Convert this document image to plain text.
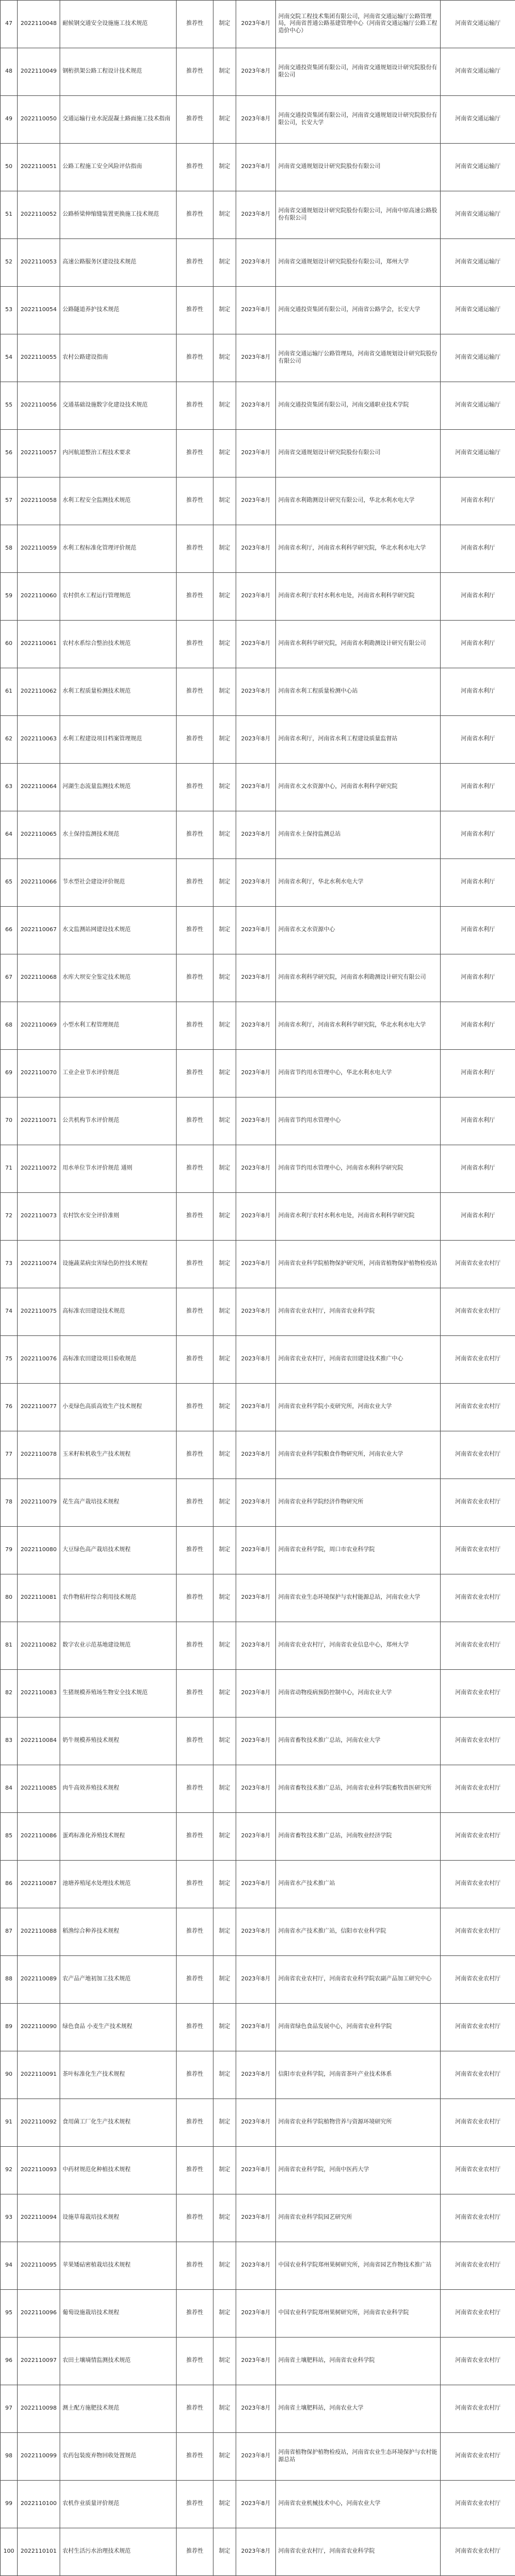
47	2022110048	耐候钢交通安全设施施工技术规范	推荐性	制定	2023年8月	河南交院工程技术集团有限公司，河南省交通运输厅公路管理局，河南省普通公路基建管理中心（河南省交通运输厅公路工程造价中心）	河南省交通运输厅
48	2022110049	钢桁拱架公路工程设计技术规范	推荐性	制定	2023年8月	河南交通投资集团有限公司，河南省交通规划设计研究院股份有限公司	河南省交通运输厅
49	2022110050	交通运输行业水泥混凝土路面施工技术指南	推荐性	制定	2023年8月	河南交通投资集团有限公司，河南省交通规划设计研究院股份有限公司，长安大学	河南省交通运输厅
50	2022110051	公路工程施工安全风险评估指南	推荐性	制定	2023年8月	河南省交通规划设计研究院股份有限公司	河南省交通运输厅
51	2022110052	公路桥梁伸缩缝装置更换施工技术规范	推荐性	制定	2023年8月	河南省交通规划设计研究院股份有限公司，河南中原高速公路股份有限公司	河南省交通运输厅
52	2022110053	高速公路服务区建设技术规范	推荐性	制定	2023年8月	河南省交通规划设计研究院股份有限公司，郑州大学	河南省交通运输厅
53	2022110054	公路隧道养护技术规范	推荐性	制定	2023年8月	河南交通投资集团有限公司，河南省公路学会，长安大学	河南省交通运输厅
54	2022110055	农村公路建设指南	推荐性	制定	2023年8月	河南省交通运输厅公路管理局，河南省交通规划设计研究院股份有限公司	河南省交通运输厅
55	2022110056	交通基础设施数字化建设技术规范	推荐性	制定	2023年8月	河南交通投资集团有限公司，河南交通职业技术学院	河南省交通运输厅
56	2022110057	内河航道整治工程技术要求	推荐性	制定	2023年8月	河南省交通规划设计研究院股份有限公司	河南省交通运输厅
57	2022110058	水利工程安全监测技术规范	推荐性	制定	2023年8月	河南省水利勘测设计研究有限公司，华北水利水电大学	河南省水利厅
58	2022110059	水利工程标准化管理评价规范	推荐性	制定	2023年8月	河南省水利厅，河南省水利科学研究院，华北水利水电大学	河南省水利厅
59	2022110060	农村供水工程运行管理规范	推荐性	制定	2023年8月	河南省水利厅农村水利水电处，河南省水利科学研究院	河南省水利厅
60	2022110061	农村水系综合整治技术规范	推荐性	制定	2023年8月	河南省水利科学研究院，河南省水利勘测设计研究有限公司	河南省水利厅
61	2022110062	水利工程质量检测技术规范	推荐性	制定	2023年8月	河南省水利工程质量检测中心站	河南省水利厅
62	2022110063	水利工程建设项目档案管理规范	推荐性	制定	2023年8月	河南省水利厅，河南省水利工程建设质量监督站	河南省水利厅
63	2022110064	河湖生态流量监测技术规范	推荐性	制定	2023年8月	河南省水文水资源中心，河南省水利科学研究院	河南省水利厅
64	2022110065	水土保持监测技术规范	推荐性	制定	2023年8月	河南省水土保持监测总站	河南省水利厅
65	2022110066	节水型社会建设评价规范	推荐性	制定	2023年8月	河南省水利厅，华北水利水电大学	河南省水利厅
66	2022110067	水文监测站网建设技术规范	推荐性	制定	2023年8月	河南省水文水资源中心	河南省水利厅
67	2022110068	水库大坝安全鉴定技术规范	推荐性	制定	2023年8月	河南省水利科学研究院，河南省水利勘测设计研究有限公司	河南省水利厅
68	2022110069	小型水利工程管理规范	推荐性	制定	2023年8月	河南省水利厅，河南省水利科学研究院，华北水利水电大学	河南省水利厅
69	2022110070	工业企业节水评价规范	推荐性	制定	2023年8月	河南省节约用水管理中心，华北水利水电大学	河南省水利厅
70	2022110071	公共机构节水评价规范	推荐性	制定	2023年8月	河南省节约用水管理中心	河南省水利厅
71	2022110072	用水单位节水评价规范 通则	推荐性	制定	2023年8月	河南省节约用水管理中心，河南省水利科学研究院	河南省水利厅
72	2022110073	农村饮水安全评价准则	推荐性	制定	2023年8月	河南省水利厅农村水利水电处，河南省水利科学研究院	河南省水利厅
73	2022110074	设施蔬菜病虫害绿色防控技术规程	推荐性	制定	2023年8月	河南省农业科学院植物保护研究所，河南省植物保护植物检疫站	河南省农业农村厅
74	2022110075	高标准农田建设技术规范	推荐性	制定	2023年8月	河南省农业农村厅，河南省农业科学院	河南省农业农村厅
75	2022110076	高标准农田建设项目验收规范	推荐性	制定	2023年8月	河南省农业农村厅，河南省农田建设技术推广中心	河南省农业农村厅
76	2022110077	小麦绿色高质高效生产技术规程	推荐性	制定	2023年8月	河南省农业科学院小麦研究所，河南农业大学	河南省农业农村厅
77	2022110078	玉米籽粒机收生产技术规程	推荐性	制定	2023年8月	河南省农业科学院粮食作物研究所，河南农业大学	河南省农业农村厅
78	2022110079	花生高产栽培技术规程	推荐性	制定	2023年8月	河南省农业科学院经济作物研究所	河南省农业农村厅
79	2022110080	大豆绿色高产栽培技术规程	推荐性	制定	2023年8月	河南省农业科学院，周口市农业科学院	河南省农业农村厅
80	2022110081	农作物秸秆综合利用技术规范	推荐性	制定	2023年8月	河南省农业生态环境保护与农村能源总站，河南农业大学	河南省农业农村厅
81	2022110082	数字农业示范基地建设规范	推荐性	制定	2023年8月	河南省农业农村厅，河南省农业信息中心，郑州大学	河南省农业农村厅
82	2022110083	生猪规模养殖场生物安全技术规范	推荐性	制定	2023年8月	河南省动物疫病预防控制中心，河南农业大学	河南省农业农村厅
83	2022110084	奶牛规模养殖技术规程	推荐性	制定	2023年8月	河南省畜牧技术推广总站，河南农业大学	河南省农业农村厅
84	2022110085	肉牛高效养殖技术规程	推荐性	制定	2023年8月	河南省畜牧技术推广总站，河南省农业科学院畜牧兽医研究所	河南省农业农村厅
85	2022110086	蛋鸡标准化养殖技术规程	推荐性	制定	2023年8月	河南省畜牧技术推广总站，河南牧业经济学院	河南省农业农村厅
86	2022110087	池塘养殖尾水处理技术规范	推荐性	制定	2023年8月	河南省水产技术推广站	河南省农业农村厅
87	2022110088	稻渔综合种养技术规程	推荐性	制定	2023年8月	河南省水产技术推广站，信阳市农业科学院	河南省农业农村厅
88	2022110089	农产品产地初加工技术规范	推荐性	制定	2023年8月	河南省农业农村厅，河南省农业科学院农副产品加工研究中心	河南省农业农村厅
89	2022110090	绿色食品 小麦生产技术规程	推荐性	制定	2023年8月	河南省绿色食品发展中心，河南省农业科学院	河南省农业农村厅
90	2022110091	茶叶标准化生产技术规程	推荐性	制定	2023年8月	信阳市农业科学院，河南省茶叶产业技术体系	河南省农业农村厅
91	2022110092	食用菌工厂化生产技术规程	推荐性	制定	2023年8月	河南省农业科学院植物营养与资源环境研究所	河南省农业农村厅
92	2022110093	中药材规范化种植技术规程	推荐性	制定	2023年8月	河南省农业科学院，河南中医药大学	河南省农业农村厅
93	2022110094	设施草莓栽培技术规程	推荐性	制定	2023年8月	河南省农业科学院园艺研究所	河南省农业农村厅
94	2022110095	苹果矮砧密植栽培技术规程	推荐性	制定	2023年8月	中国农业科学院郑州果树研究所，河南省园艺作物技术推广站	河南省农业农村厅
95	2022110096	葡萄设施栽培技术规程	推荐性	制定	2023年8月	中国农业科学院郑州果树研究所，河南省农业科学院	河南省农业农村厅
96	2022110097	农田土壤墒情监测技术规范	推荐性	制定	2023年8月	河南省土壤肥料站，河南省农业科学院	河南省农业农村厅
97	2022110098	测土配方施肥技术规范	推荐性	制定	2023年8月	河南省土壤肥料站，河南农业大学	河南省农业农村厅
98	2022110099	农药包装废弃物回收处置规范	推荐性	制定	2023年8月	河南省植物保护植物检疫站，河南省农业生态环境保护与农村能源总站	河南省农业农村厅
99	2022110100	农机作业质量评价规范	推荐性	制定	2023年8月	河南省农业机械技术中心，河南农业大学	河南省农业农村厅
100	2022110101	农村生活污水治理技术规范	推荐性	制定	2023年8月	河南省农业农村厅，河南省农业科学院	河南省农业农村厅
